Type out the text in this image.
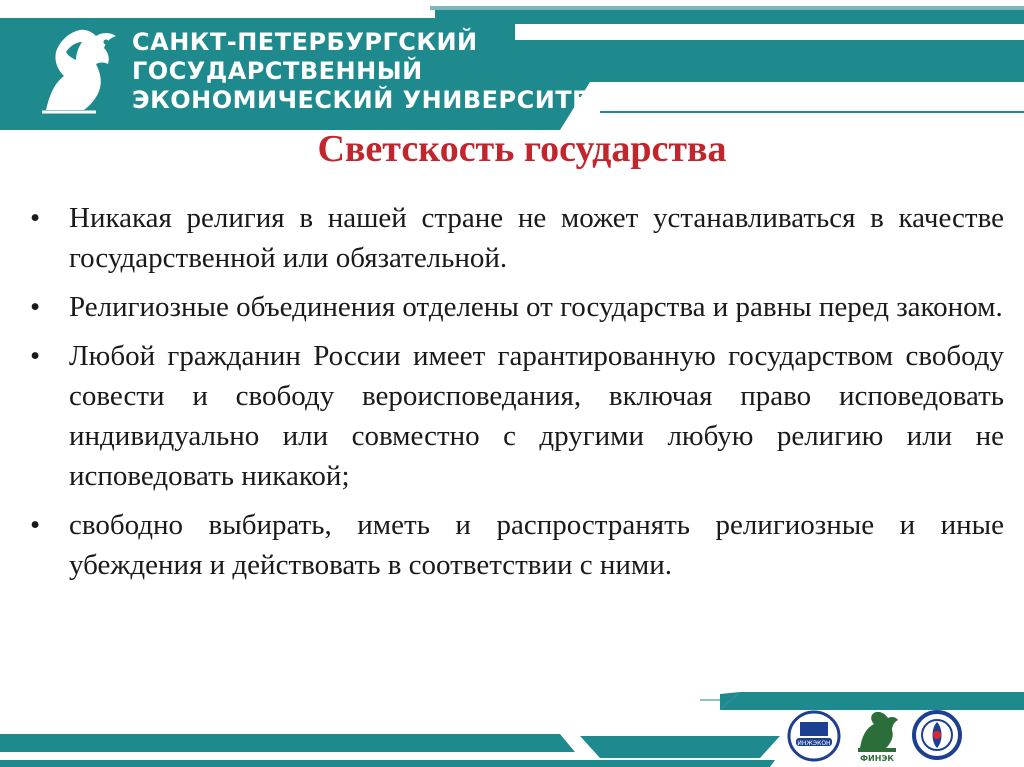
САНКТ-ПЕТЕРБУРГСКИЙ
ГОСУДАРСТВЕННЫЙ
ЭКОНОМИЧЕСКИЙ УНИВЕРСИТЕТ
Светскость государства
• Никакая религия в нашей стране не может устанавливаться в качестве государственной или обязательной.
• Религиозные объединения отделены от государства и равны перед законом.
• Любой гражданин России имеет гарантированную государством свободу совести и свободу вероисповедания, включая право исповедовать индивидуально или совместно с другими любую религию или не исповедовать никакой;
• свободно выбирать, иметь и распространять религиозные и иные убеждения и действовать в соответствии с ними.
ИНЖЭКОН
ФИНЭК
